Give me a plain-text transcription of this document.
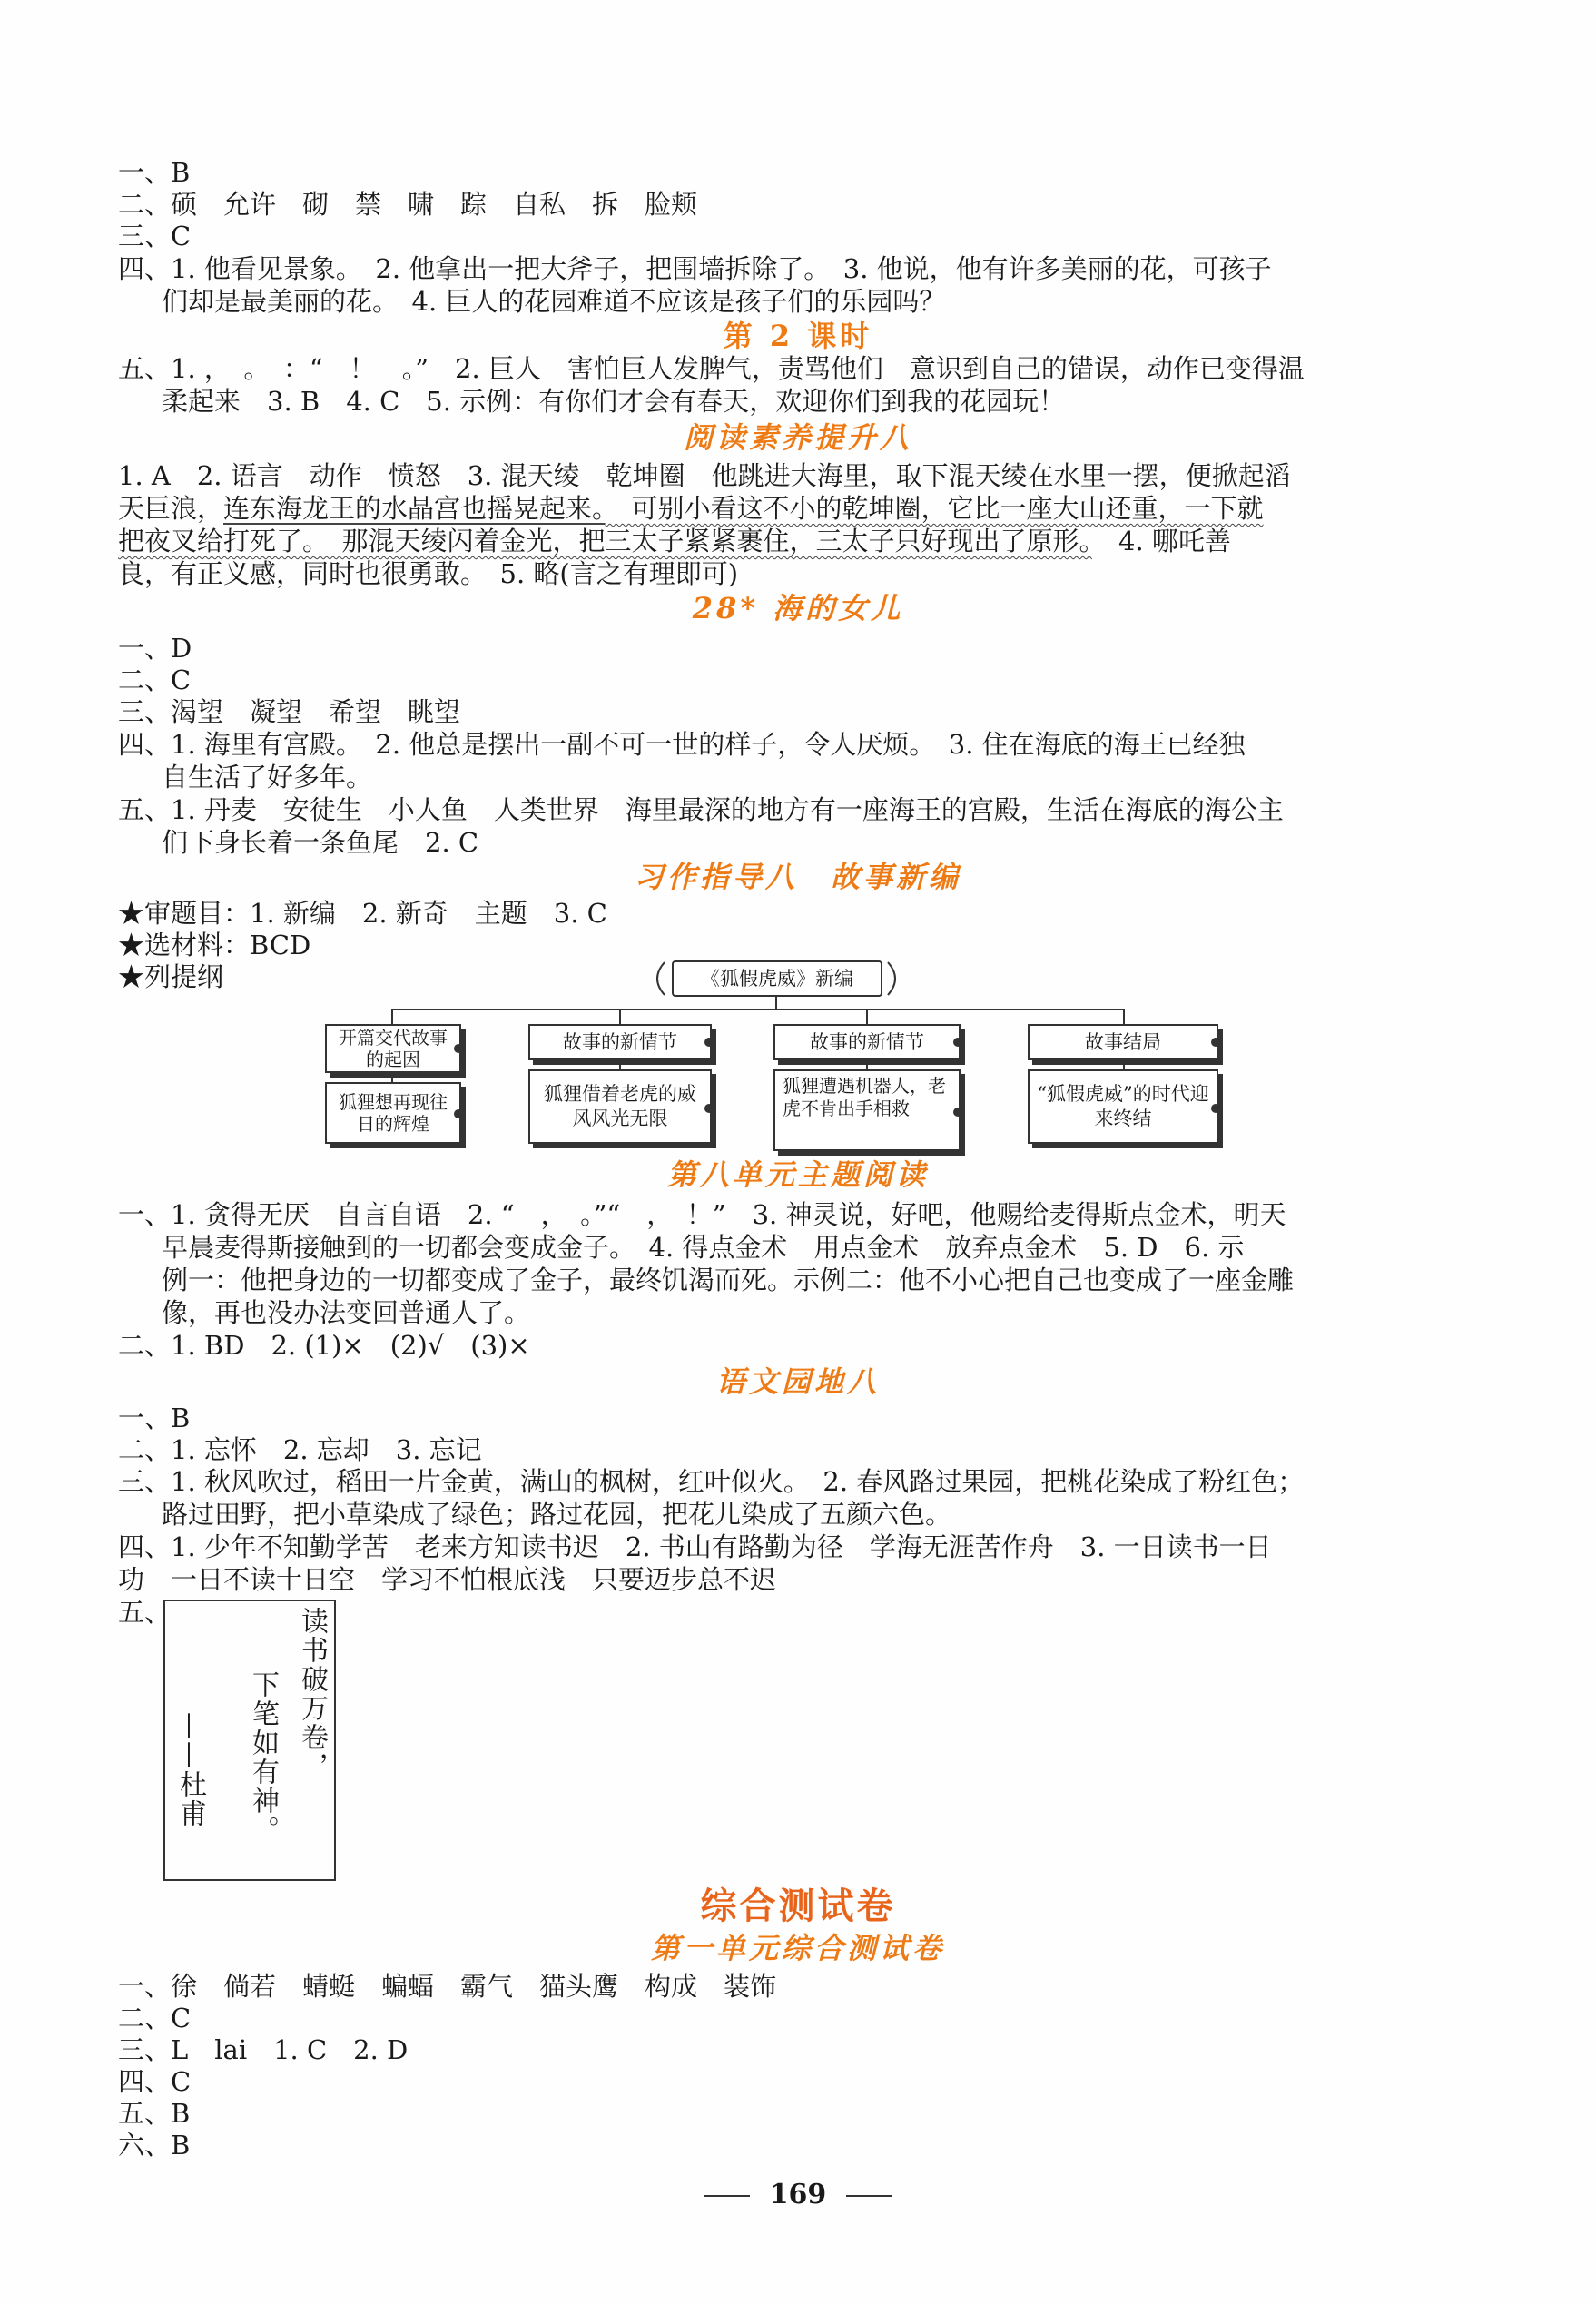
一、B
二、硕　允许　砌　禁　啸　踪　自私　拆　脸颊
三、C
四、1. 他看见景象。　2. 他拿出一把大斧子，把围墙拆除了。　3. 他说，他有许多美丽的花，可孩子
们却是最美丽的花。　4. 巨人的花园难道不应该是孩子们的乐园吗？
第 2 课时
五、1. ，　。　：“　！　。”　2. 巨人　害怕巨人发脾气，责骂他们　意识到自己的错误，动作已变得温
柔起来　3. B　4. C　5. 示例：有你们才会有春天，欢迎你们到我的花园玩！
阅读素养提升八
1. A　2. 语言　动作　愤怒　3. 混天绫　乾坤圈　他跳进大海里，取下混天绫在水里一摆，便掀起滔
天巨浪，连东海龙王的水晶宫也摇晃起来。　可别小看这不小的乾坤圈，它比一座大山还重，一下就
把夜叉给打死了。　那混天绫闪着金光，把三太子紧紧裹住，三太子只好现出了原形。　4. 哪吒善
良，有正义感，同时也很勇敢。　5. 略(言之有理即可)
28* 海的女儿
一、D
二、C
三、渴望　凝望　希望　眺望
四、1. 海里有宫殿。　2. 他总是摆出一副不可一世的样子，令人厌烦。　3. 住在海底的海王已经独
自生活了好多年。
五、1. 丹麦　安徒生　小人鱼　人类世界　海里最深的地方有一座海王的宫殿，生活在海底的海公主
们下身长着一条鱼尾　2. C
习作指导八　故事新编
★审题目：1. 新编　2. 新奇　主题　3. C
★选材料：BCD
★列提纲	《狐假虎威》新编
开篇交代故事的起因
故事的新情节	故事的新情节	故事结局
狐狸想再现往日的辉煌
狐狸借着老虎的威风风光无限
狐狸遭遇机器人，老虎不肯出手相救
“狐假虎威”的时代迎来终结
第八单元主题阅读
一、1. 贪得无厌　自言自语　2. “　，　。”“　，　！”　3. 神灵说，好吧，他赐给麦得斯点金术，明天
早晨麦得斯接触到的一切都会变成金子。　4. 得点金术　用点金术　放弃点金术　5. D　6. 示
例一：他把身边的一切都变成了金子，最终饥渴而死。示例二：他不小心把自己也变成了一座金雕
像，再也没办法变回普通人了。
二、1. BD　2. (1)×　(2)√　(3)×
语文园地八
一、B
二、1. 忘怀　2. 忘却　3. 忘记
三、1. 秋风吹过，稻田一片金黄，满山的枫树，红叶似火。　2. 春风路过果园，把桃花染成了粉红色；
路过田野，把小草染成了绿色；路过花园，把花儿染成了五颜六色。
四、1. 少年不知勤学苦　老来方知读书迟　2. 书山有路勤为径　学海无涯苦作舟　3. 一日读书一日
功　一日不读十日空　学习不怕根底浅　只要迈步总不迟
五、	读书破万卷，
下笔如有神。
——杜甫
综合测试卷
第一单元综合测试卷
一、徐　倘若　蜻蜓　蝙蝠　霸气　猫头鹰　构成　装饰
二、C
三、L　lai　1. C　2. D
四、C
五、B
六、B
169
